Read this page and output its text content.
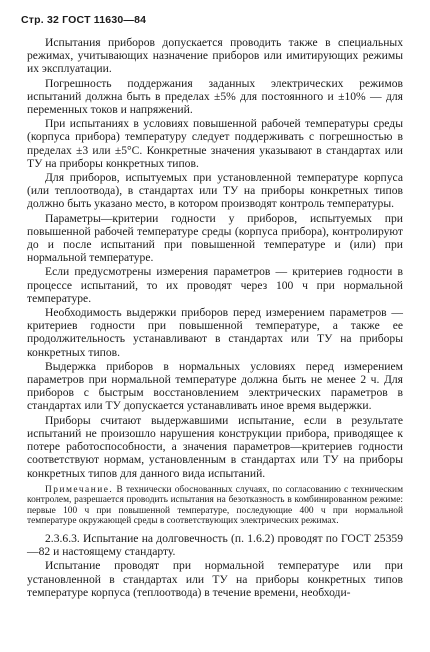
Стр. 32 ГОСТ 11630—84

Испытания приборов допускается проводить также в специальных режимах, учитывающих назначение приборов или имитирующих режимы их эксплуатации.

Погрешность поддержания заданных электрических режимов испытаний должна быть в пределах ±5% для постоянного и ±10% — для переменных токов и напряжений.

При испытаниях в условиях повышенной рабочей температуры среды (корпуса прибора) температуру следует поддерживать с погрешностью в пределах ±3 или ±5°С. Конкретные значения указывают в стандартах или ТУ на приборы конкретных типов.

Для приборов, испытуемых при установленной температуре корпуса (или теплоотвода), в стандартах или ТУ на приборы конкретных типов должно быть указано место, в котором производят контроль температуры.

Параметры—критерии годности у приборов, испытуемых при повышенной рабочей температуре среды (корпуса прибора), контролируют до и после испытаний при повышенной температуре и (или) при нормальной температуре.

Если предусмотрены измерения параметров — критериев годности в процессе испытаний, то их проводят через 100 ч при нормальной температуре.

Необходимость выдержки приборов перед измерением параметров — критериев годности при повышенной температуре, а также ее продолжительность устанавливают в стандартах или ТУ на приборы конкретных типов.

Выдержка приборов в нормальных условиях перед измерением параметров при нормальной температуре должна быть не менее 2 ч. Для приборов с быстрым восстановлением электрических параметров в стандартах или ТУ допускается устанавливать иное время выдержки.

Приборы считают выдержавшими испытание, если в результате испытаний не произошло нарушения конструкции прибора, приводящее к потере работоспособности, а значения параметров—критериев годности соответствуют нормам, установленным в стандартах или ТУ на приборы конкретных типов для данного вида испытаний.

Примечание. В технически обоснованных случаях, по согласованию с техническим контролем, разрешается проводить испытания на безотказность в комбинированном режиме: первые 100 ч при повышенной температуре, последующие 400 ч при нормальной температуре окружающей среды в соответствующих электрических режимах.

2.3.6.3. Испытание на долговечность (п. 1.6.2) проводят по ГОСТ 25359—82 и настоящему стандарту.

Испытание проводят при нормальной температуре или при установленной в стандартах или ТУ на приборы конкретных типов температуре корпуса (теплоотвода) в течение времени, необходи-
